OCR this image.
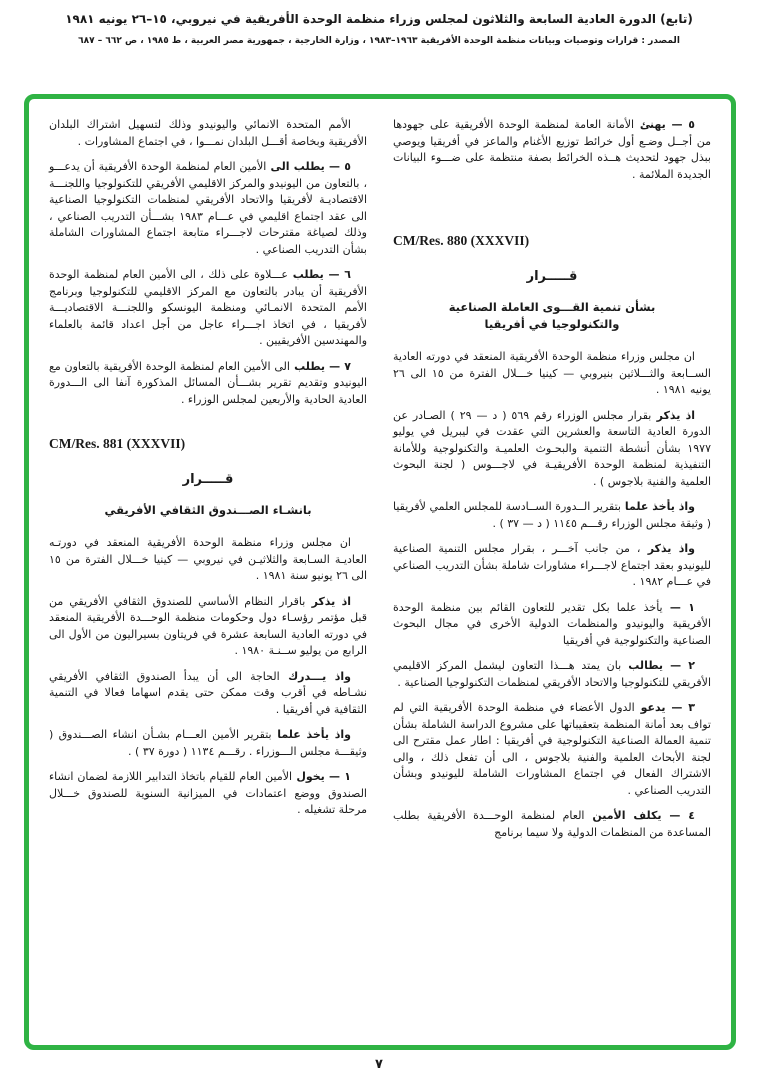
(تابع) الدورة العادية السابعة والثلاثون لمجلس وزراء منظمة الوحدة الأفريقية في نيروبي، ١٥–٢٦ يونيه ١٩٨١
المصدر : قرارات وتوصيات وبيانات منظمة الوحدة الأفريقية ١٩٦٣–١٩٨٣ ، وزارة الخارجية ، جمهورية مصر العربية ، ط ١٩٨٥ ، ص ٦٦٢ – ٦٨٧

٥ — يهنئ الأمانة العامة لمنظمة الوحدة الأفريقية على جهودها من أجــل وضـع أول خرائط توزيع الأغنام والماعز في أفريقيا ويوصي ببذل جهود لتحديث هــذه الخرائط بصفة منتظمة على ضـــوء البيانات الجديدة الملائمة .

CM/Res. 880 (XXXVII)

قـــــرار

بشأن تنمية القـــوى العاملة الصناعية والتكنولوجيا في أفريقيا

ان مجلس وزراء منظمة الوحدة الأفريقية المنعقد في دورته العادية الســابعة والثـــلاثين بنيروبي — كينيا خـــلال الفترة من ١٥ الى ٢٦ يونيه ١٩٨١ .

اذ يذكر بقرار مجلس الوزراء رقم ٥٦٩ ( د — ٢٩ ) الصـادر عن الدورة العادية التاسعة والعشرين التي عقدت في ليبريل في يوليو ١٩٧٧ بشأن أنشطة التنمية والبحـوث العلميـة والتكنولوجية وللأمانة التنفيذية لمنظمة الوحدة الأفريقيـة في لاجـــوس ( لجنة البحوث العلمية والفنية بلاجوس ) .

واذ يأخذ علما بتقرير الــدورة الســادسة للمجلس العلمي لأفريقيا ( وثيقة مجلس الوزراء رقـــم ١١٤٥ ( د — ٣٧ ) .

واذ يذكر ، من جانب آخـــر ، بقرار مجلس التنمية الصناعية لليونيدو بعقد اجتماع لاجـــراء مشاورات شاملة بشأن التدريب الصناعي في عـــام ١٩٨٢ .

١ — يأخذ علما بكل تقدير للتعاون القائم بين منظمة الوحدة الأفريقية واليونيدو والمنظمات الدولية الأخرى في مجال البحوث الصناعية والتكنولوجية في أفريقيا

٢ — يطالب بان يمتد هـــذا التعاون ليشمل المركز الاقليمي الأفريقي للتكنولوجيا والاتحاد الأفريقي لمنظمات التكنولوجيا الصناعية .

٣ — يدعو الدول الأعضاء في منظمة الوحدة الأفريقية التي لم تواف بعد أمانة المنظمة بتعقيباتها على مشروع الدراسة الشاملة بشأن تنمية العمالة الصناعية التكنولوجية في أفريقيا : اطار عمل مقترح الى لجنة الأبحاث العلمية والفنية بلاجوس ، الى أن تفعل ذلك ، والى الاشتراك الفعال في اجتماع المشاورات الشاملة لليونيدو وبشأن التدريب الصناعي .

٤ — يكلف الأمين العام لمنظمة الوحـــدة الأفريقية بطلب المساعدة من المنظمات الدولية ولا سيما برنامج

الأمم المتحدة الانمائي واليونيدو وذلك لتسهيل اشتراك البلدان الأفريقية وبخاصة أقـــل البلدان نمـــوا ، في اجتماع المشاورات .

٥ — يطلب الى الأمين العام لمنظمة الوحدة الأفريقية أن يدعـــو ، بالتعاون من اليونيدو والمركز الاقليمي الأفريقي للتكنولوجيا واللجنـــة الاقتصاديـة لأفريقيا والاتحاد الأفريقي لمنظمات التكنولوجيا الصناعية الى عقد اجتماع اقليمي في عـــام ١٩٨٣ بشـــأن التدريب الصناعي ، وذلك لصياغة مقترحات لاجـــراء متابعة اجتماع المشاورات الشاملة بشأن التدريب الصناعي .

٦ — يطلب عـــلاوة على ذلك ، الى الأمين العام لمنظمة الوحدة الأفريقية أن يبادر بالتعاون مع المركز الاقليمي للتكنولوجيا وبرنامج الأمم المتحدة الانمـائي ومنظمة اليونسكو واللجنـــة الاقتصاديـــة لأفريقيا ، في اتخاذ اجـــراء عاجل من أجل اعداد قائمة بالعلماء والمهندسين الأفريقيين .

٧ — يطلب الى الأمين العام لمنظمة الوحدة الأفريقية بالتعاون مع اليونيدو وتقديم تقرير بشـــأن المسائل المذكورة آنفا الى الـــدورة العادية الحادية والأربعين لمجلس الوزراء .

CM/Res. 881 (XXXVII)

قـــــرار

بانشـاء الصـــندوق الثقافي الأفريقي

ان مجلس وزراء منظمة الوحدة الأفريقية المنعقد في دورتـه العاديـة السـابعة والثلاثيـن في نيروبي — كينيا خـــلال الفترة من ١٥ الى ٢٦ يونيو سنة ١٩٨١ .

اذ يذكر باقرار النظام الأساسي للصندوق الثقافي الأفريقي من قبل مؤتمر رؤسـاء دول وحكومات منظمة الوحـــدة الأفريقية المنعقد في دورته العادية السابعة عشرة في فريتاون بسيراليون من الأول الى الرابع من يوليو ســنـة ١٩٨٠ .

واذ يـــدرك الحاجة الى أن يبدأ الصندوق الثقافي الأفريقي نشـاطه في أقرب وقت ممكن حتى يقدم اسهاما فعالا في التنمية الثقافية في أفريقيا .

واذ يأخذ علما بتقرير الأمين العـــام بشـأن انشاء الصـــندوق ( وثيقـــة مجلس الـــوزراء . رقـــم ١١٣٤ ( دورة ٣٧ ) .

١ — يخول الأمين العام للقيام باتخاذ التدابير اللازمة لضمان انشاء الصندوق ووضع اعتمادات في الميزانية السنوية للصندوق خـــلال مرحلة تشغيله .

٧
